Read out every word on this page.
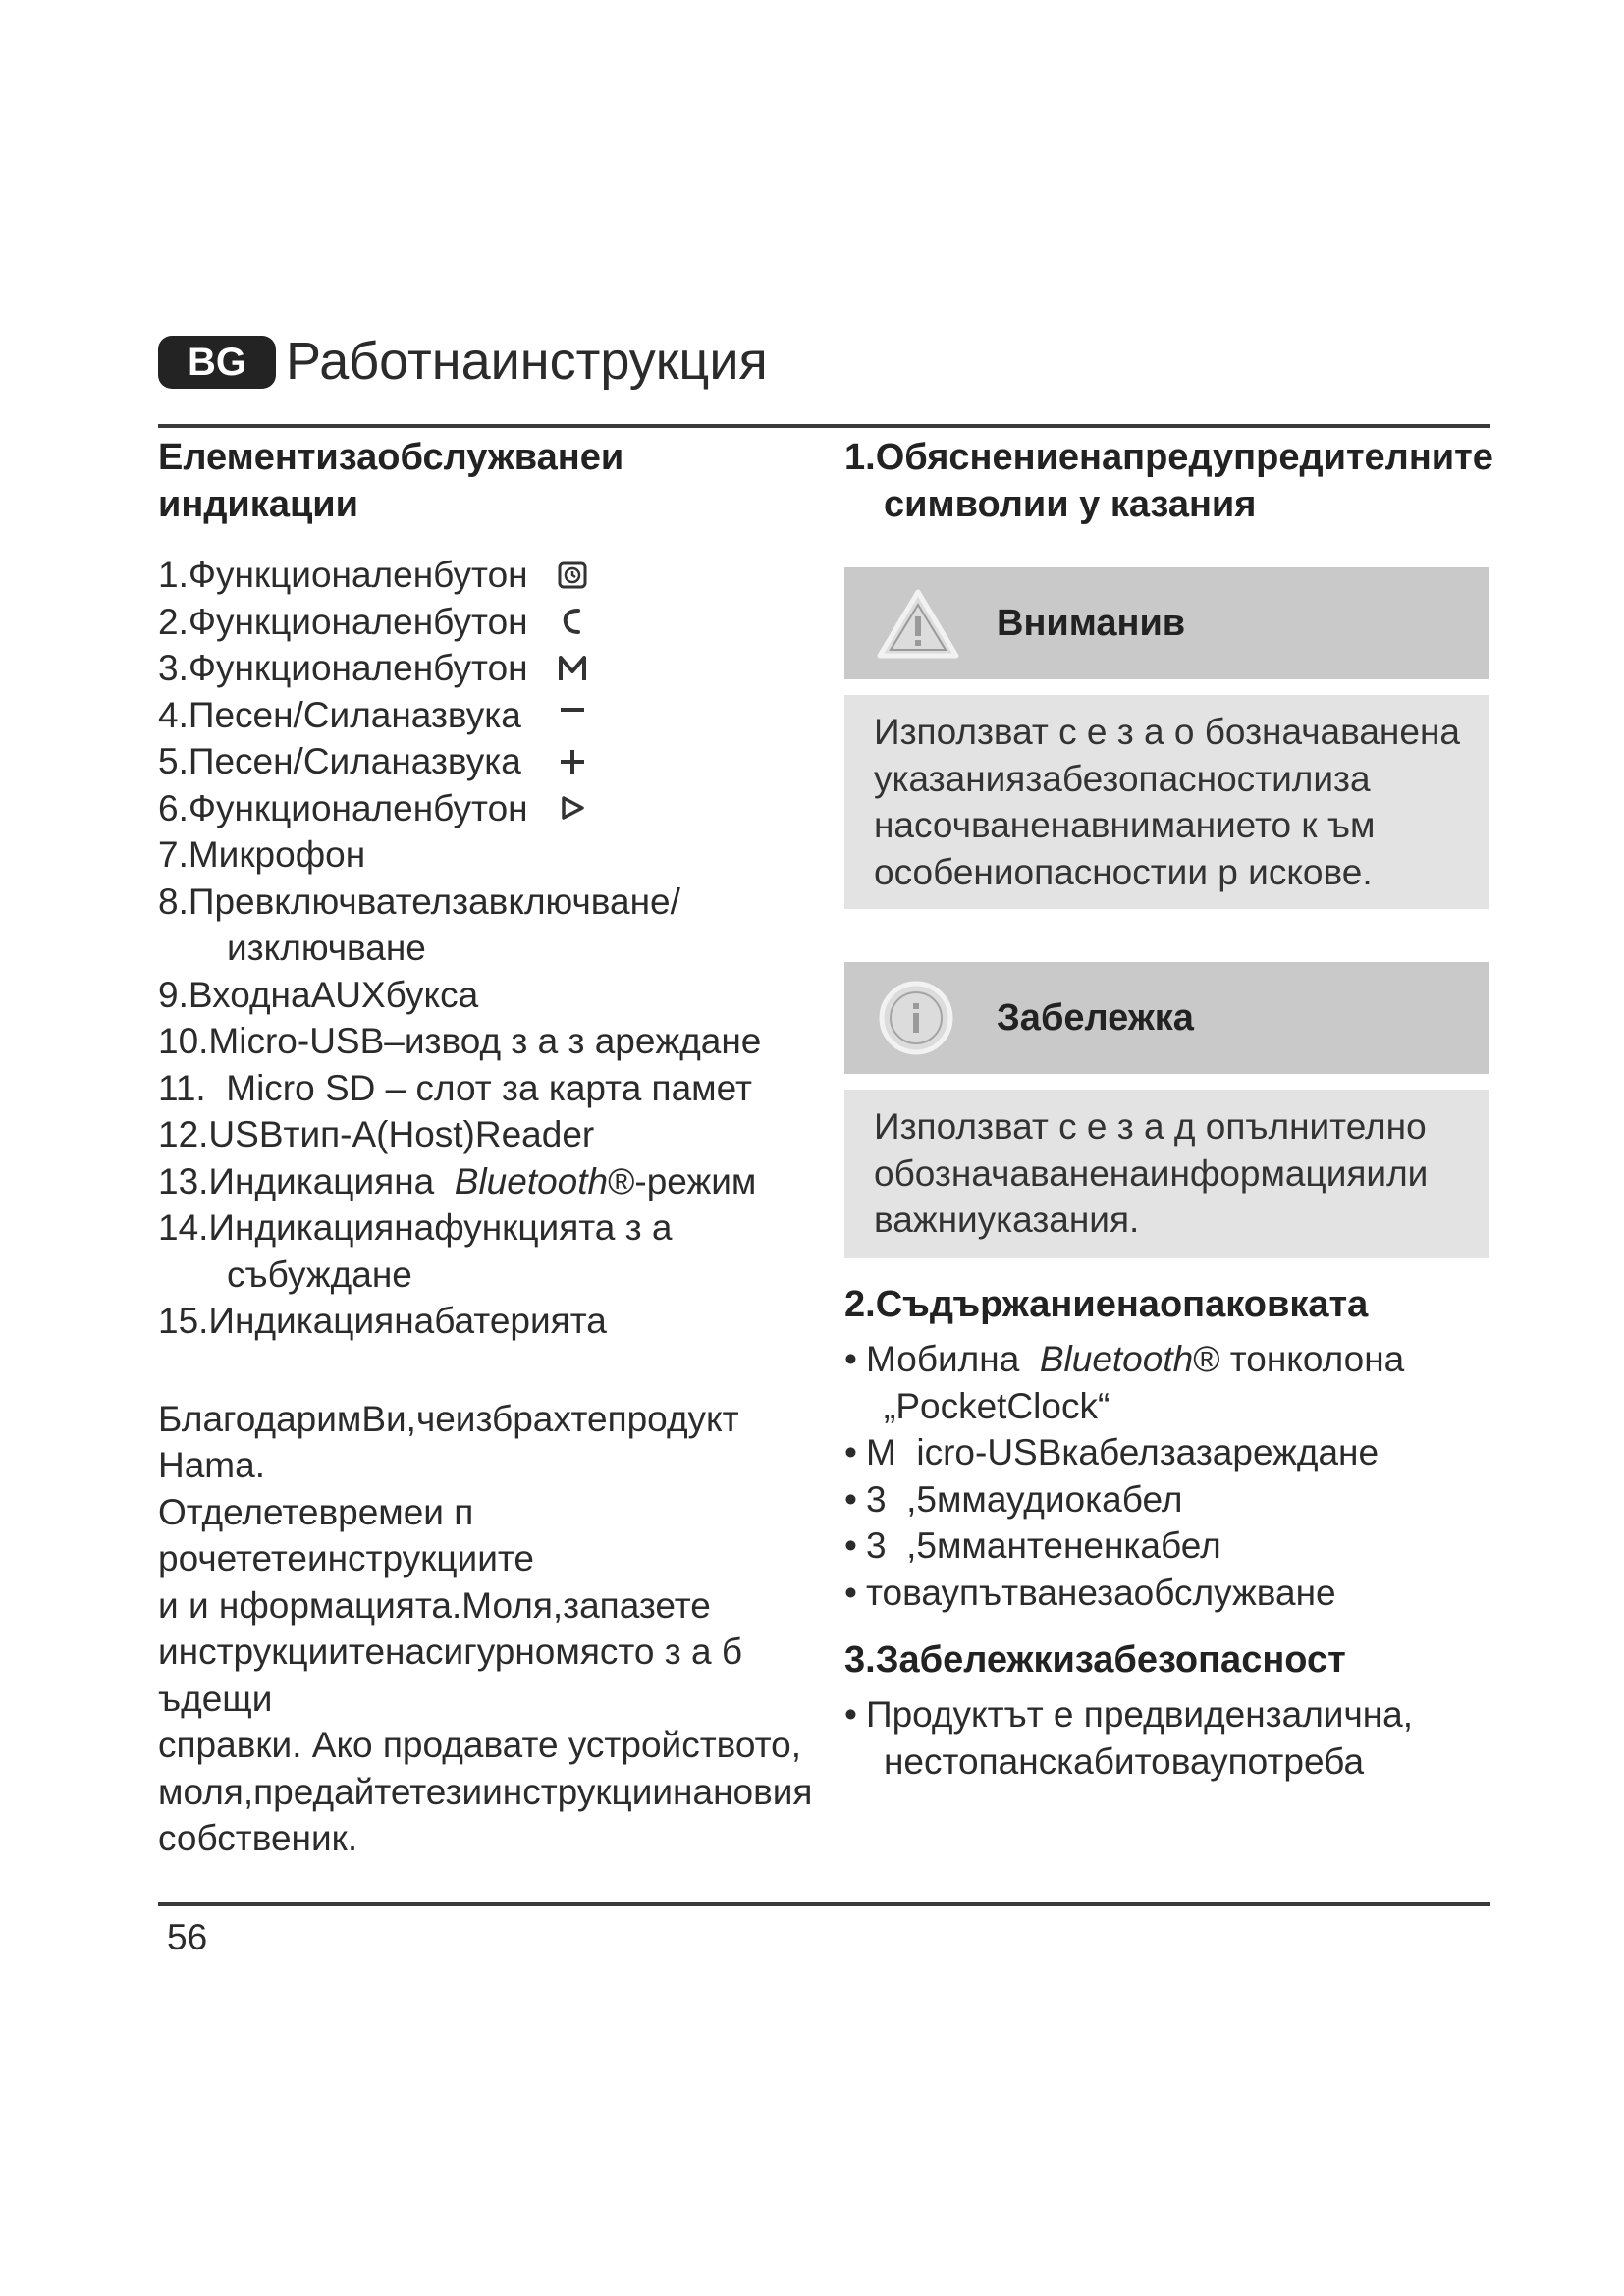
BG Работнаинструкция
Елементизаобслужванеи
индикации
1.Функционаленбутон
2.Функционаленбутон
3.Функционаленбутон
4.Песен/Силаназвука
5.Песен/Силаназвука
6.Функционаленбутон
7.Микрофон
8.Превключвателзавключване/
изключване
9.ВходнаAUXбукса
10.Micro-USB–извод з а з арeждане
11.  Micro SD – слот за карта памет
12.USBтип-A(Host)Reader
13.Индикацияна  Bluetooth®-режим
14.Индикациянафункцията з а
събуждане
15.Индикациянабатерията

БлагодаримВи,чеизбрахтепродукт

Hama.

Отделетевремеи п рочететеинструкциите

и и нформацията.Моля,запазете

инструкциитенасигурномясто з а б ъдещи

справки. Ако продавате устройството,

моля,предайтетезиинструкциинановия

собственик.

1.Обяснениенапредупредителните
символии у казания
Вниманив
Използват с е з а о бозначаванена
указаниязабезопасностилиза
насочваненавниманието к ъм
особениопасностии р искове.
Забележка
Използват с е з а д опълнително
обозначаваненаинформацияили
важниуказания.
2.Съдържаниенаопаковката
• Мобилна  Bluetooth® тонколона
„PocketClock“
• М  icro-USBкабелзазареждане
• 3  ,5ммаудиокабел
• 3  ,5ммантененкабел
• товаупътванезаобслужване
3.Забележкизабезопасност
• Продуктът е предвидензалична,
нестопанскабитоваупотреба
56
